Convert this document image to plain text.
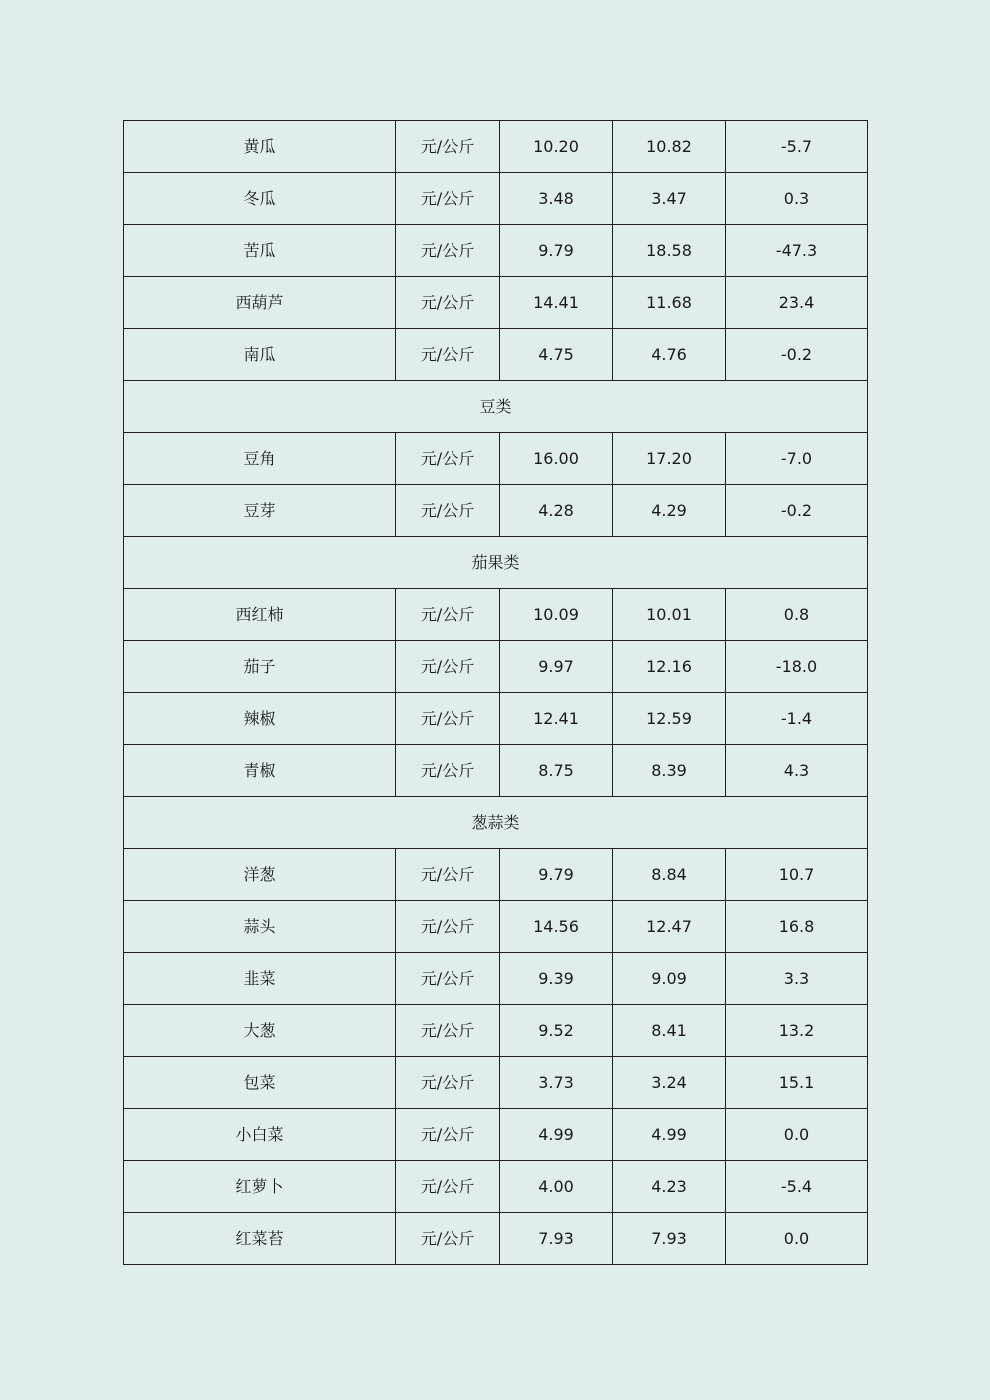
黄瓜	元/公斤	10.20	10.82	-5.7
冬瓜	元/公斤	3.48	3.47	0.3
苦瓜	元/公斤	9.79	18.58	-47.3
西葫芦	元/公斤	14.41	11.68	23.4
南瓜	元/公斤	4.75	4.76	-0.2
豆类				
豆角	元/公斤	16.00	17.20	-7.0
豆芽	元/公斤	4.28	4.29	-0.2
茄果类				
西红柿	元/公斤	10.09	10.01	0.8
茄子	元/公斤	9.97	12.16	-18.0
辣椒	元/公斤	12.41	12.59	-1.4
青椒	元/公斤	8.75	8.39	4.3
葱蒜类				
洋葱	元/公斤	9.79	8.84	10.7
蒜头	元/公斤	14.56	12.47	16.8
韭菜	元/公斤	9.39	9.09	3.3
大葱	元/公斤	9.52	8.41	13.2
包菜	元/公斤	3.73	3.24	15.1
小白菜	元/公斤	4.99	4.99	0.0
红萝卜	元/公斤	4.00	4.23	-5.4
红菜苔	元/公斤	7.93	7.93	0.0
